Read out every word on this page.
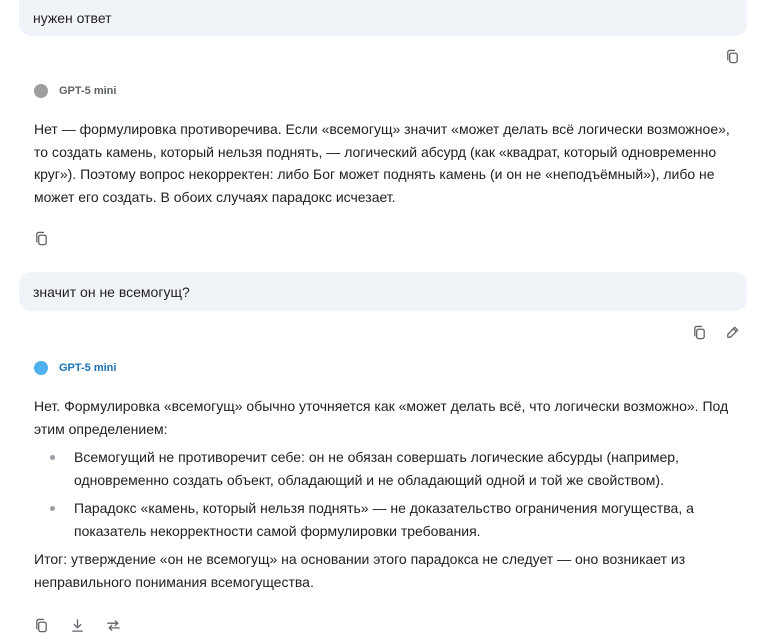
нужен ответ
GPT-5 mini

Нет — формулировка противоречива. Если «всемогущ» значит «может делать всё логически возможное», то создать камень, который нельзя поднять, — логический абсурд (как «квадрат, который одновременно круг»). Поэтому вопрос некорректен: либо Бог может поднять камень (и он не «неподъёмный»), либо не может его создать. В обоих случаях парадокс исчезает.

значит он не всемогущ?
GPT-5 mini

Нет. Формулировка «всемогущ» обычно уточняется как «может делать всё, что логически возможно». Под этим определением:

Всемогущий не противоречит себе: он не обязан совершать логические абсурды (например, одновременно создать объект, обладающий и не обладающий одной и той же свойством).
Парадокс «камень, который нельзя поднять» — не доказательство ограничения могущества, а показатель некорректности самой формулировки требования.

Итог: утверждение «он не всемогущ» на основании этого парадокса не следует — оно возникает из неправильного понимания всемогущества.
